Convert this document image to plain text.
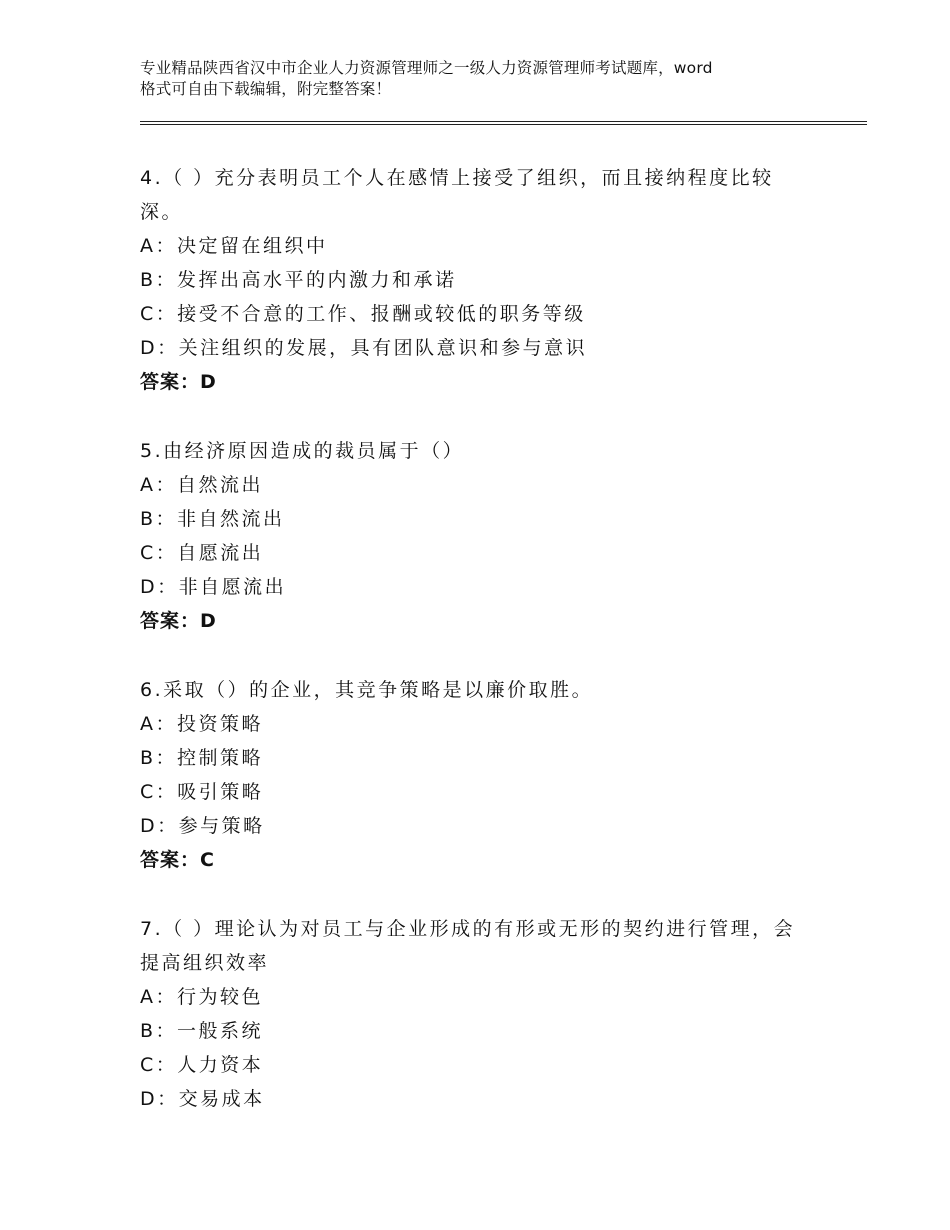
专业精品陕西省汉中市企业人力资源管理师之一级人力资源管理师考试题库，word
格式可自由下载编辑，附完整答案！

4.（ ）充分表明员工个人在感情上接受了组织，而且接纳程度比较

深。

A：决定留在组织中

B：发挥出高水平的内激力和承诺

C：接受不合意的工作、报酬或较低的职务等级

D：关注组织的发展，具有团队意识和参与意识

答案：D

5.由经济原因造成的裁员属于（）

A：自然流出

B：非自然流出

C：自愿流出

D：非自愿流出

答案：D

6.采取（）的企业，其竞争策略是以廉价取胜。

A：投资策略

B：控制策略

C：吸引策略

D：参与策略

答案：C

7.（ ）理论认为对员工与企业形成的有形或无形的契约进行管理，会

提高组织效率

A：行为较色

B：一般系统

C：人力资本

D：交易成本
